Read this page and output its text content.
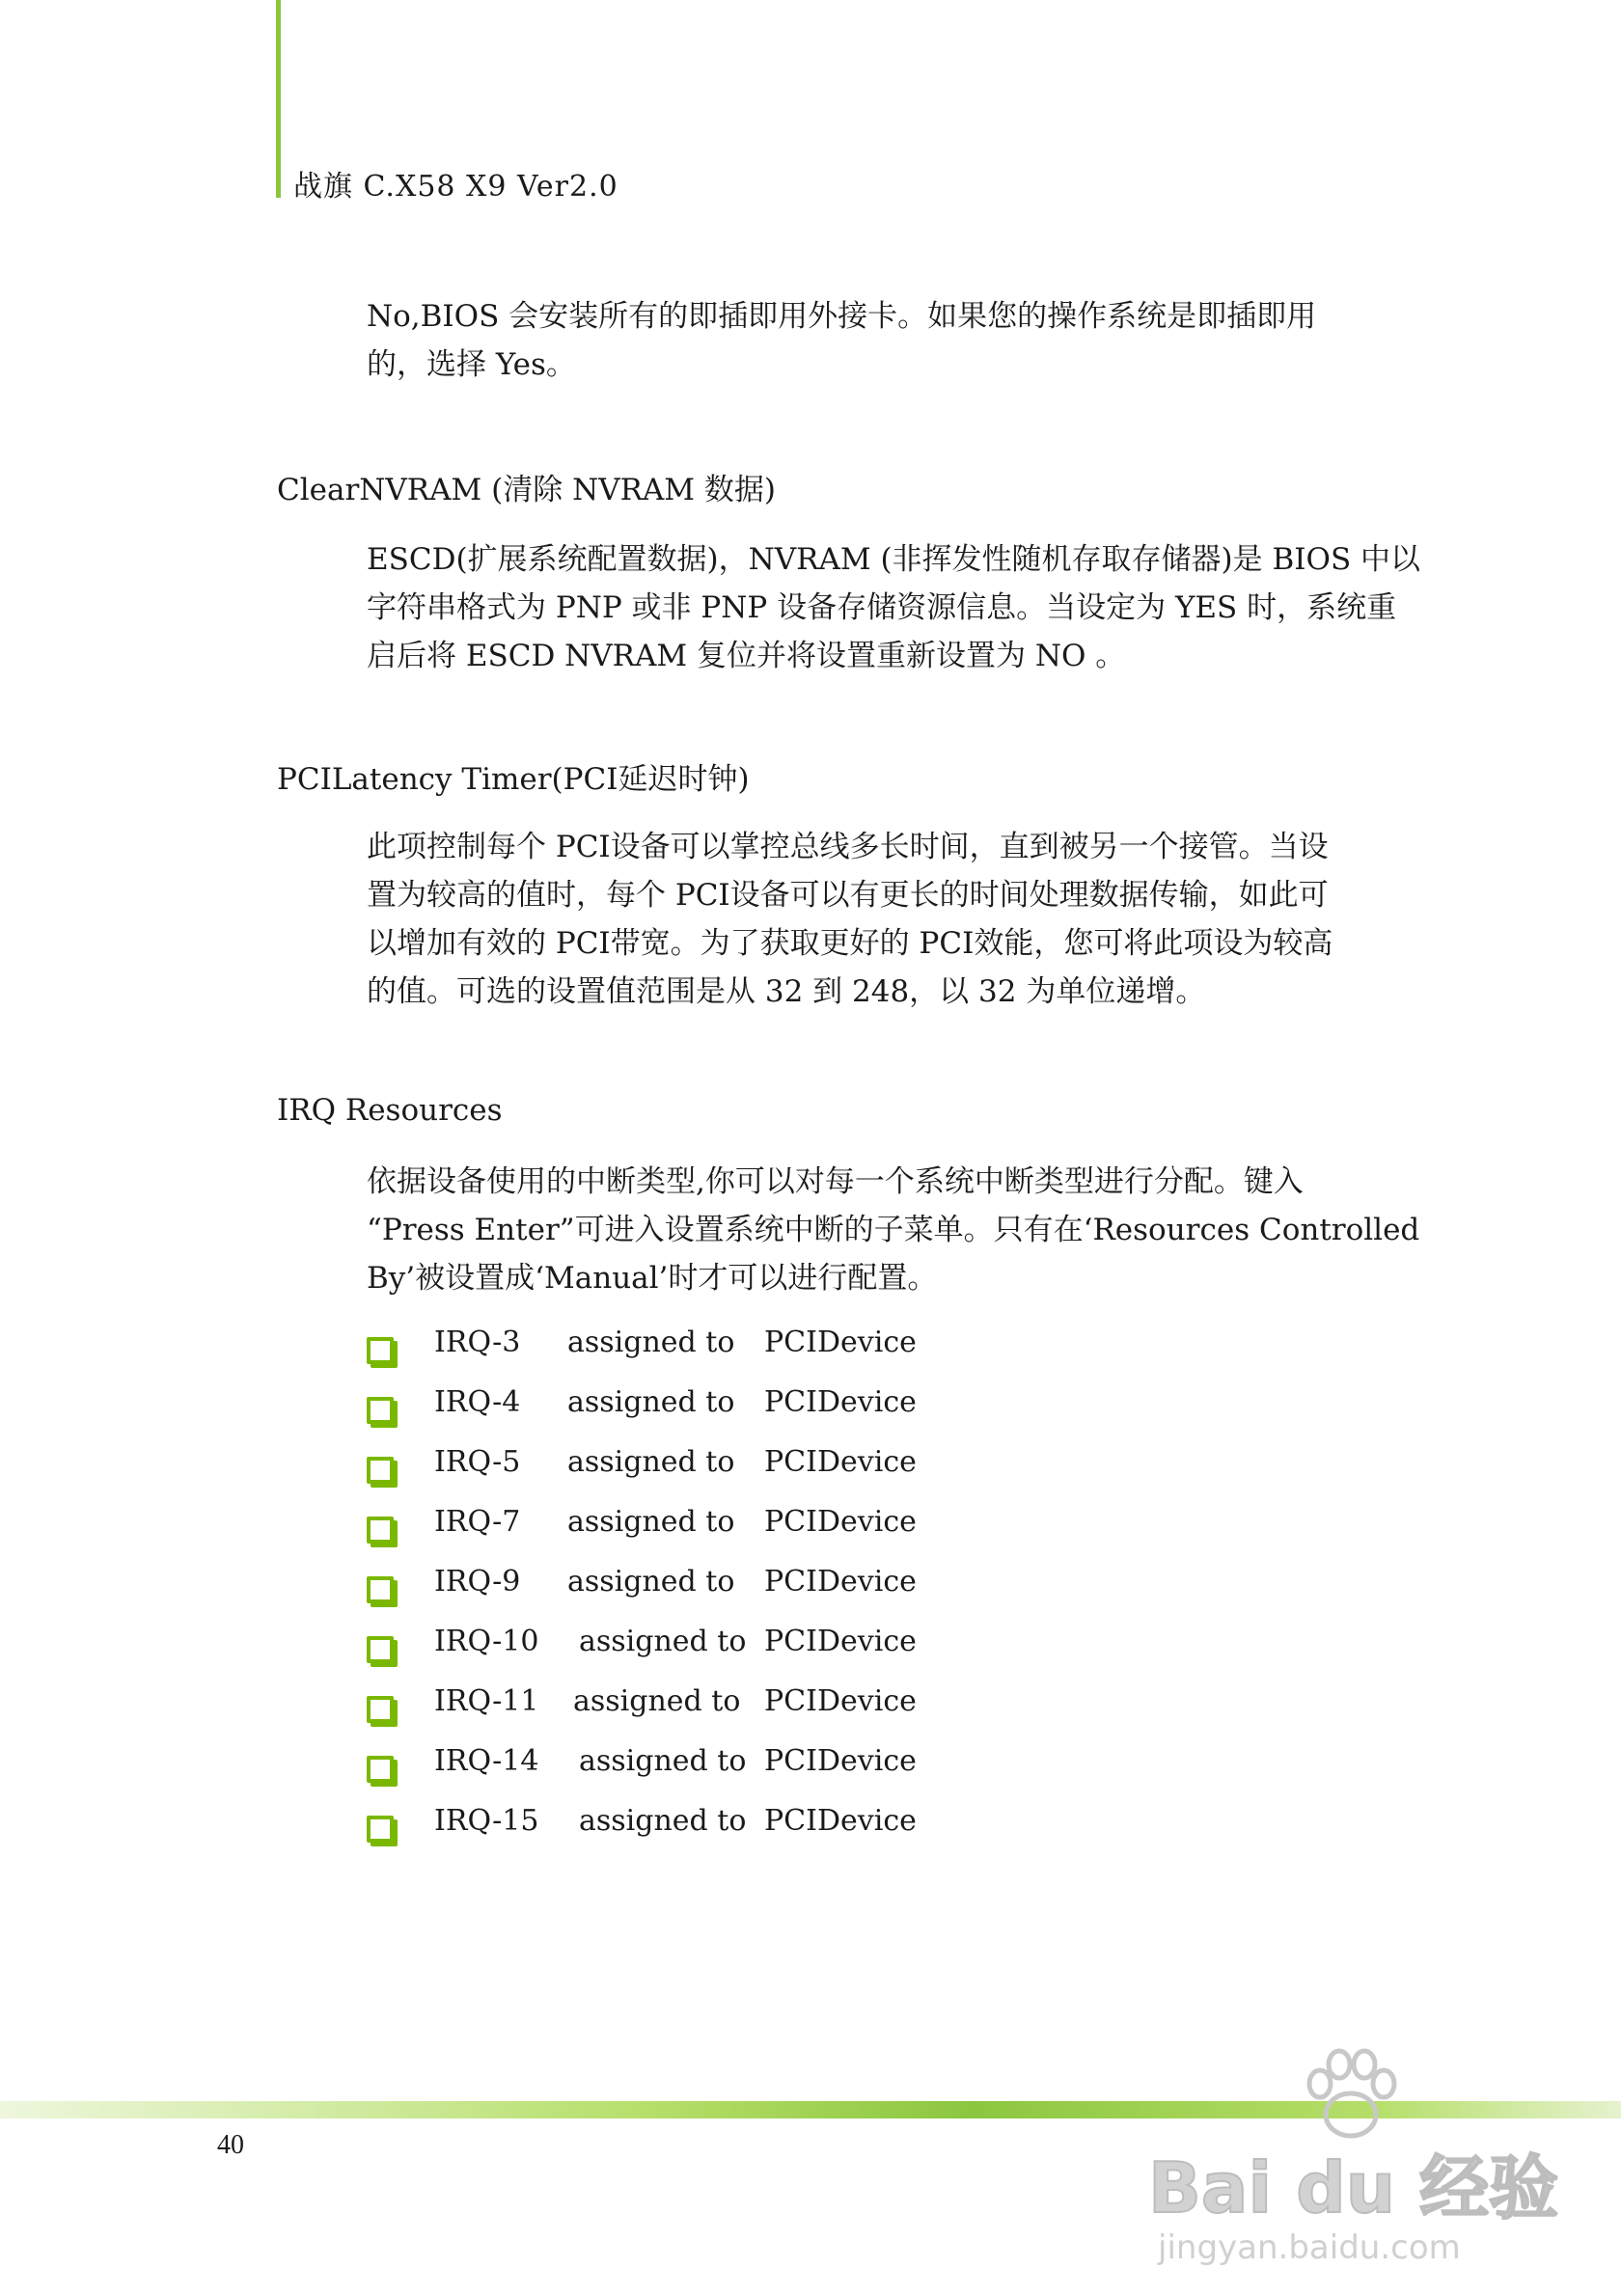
战旗 C.X58 X9 Ver2.0
No,BIOS 会安装所有的即插即用外接卡。如果您的操作系统是即插即用
的，选择 Yes。
ClearNVRAM (清除 NVRAM 数据)
ESCD(扩展系统配置数据)，NVRAM (非挥发性随机存取存储器)是 BIOS 中以
字符串格式为 PNP 或非 PNP 设备存储资源信息。当设定为 YES 时，系统重
启后将 ESCD NVRAM 复位并将设置重新设置为 NO 。
PCILatency Timer(PCI延迟时钟)
此项控制每个 PCI设备可以掌控总线多长时间，直到被另一个接管。当设
置为较高的值时，每个 PCI设备可以有更长的时间处理数据传输，如此可
以增加有效的 PCI带宽。为了获取更好的 PCI效能，您可将此项设为较高
的值。可选的设置值范围是从 32 到 248，以 32 为单位递增。
IRQ Resources
依据设备使用的中断类型,你可以对每一个系统中断类型进行分配。键入
“Press Enter”可进入设置系统中断的子菜单。只有在‘Resources Controlled
By’被设置成‘Manual’时才可以进行配置。
IRQ-3 assigned to PCIDevice
IRQ-4 assigned to PCIDevice
IRQ-5 assigned to PCIDevice
IRQ-7 assigned to PCIDevice
IRQ-9 assigned to PCIDevice
IRQ-10 assigned to PCIDevice
IRQ-11 assigned to PCIDevice
IRQ-14 assigned to PCIDevice
IRQ-15 assigned to PCIDevice
40
Bai du 经验
jingyan.baidu.com
